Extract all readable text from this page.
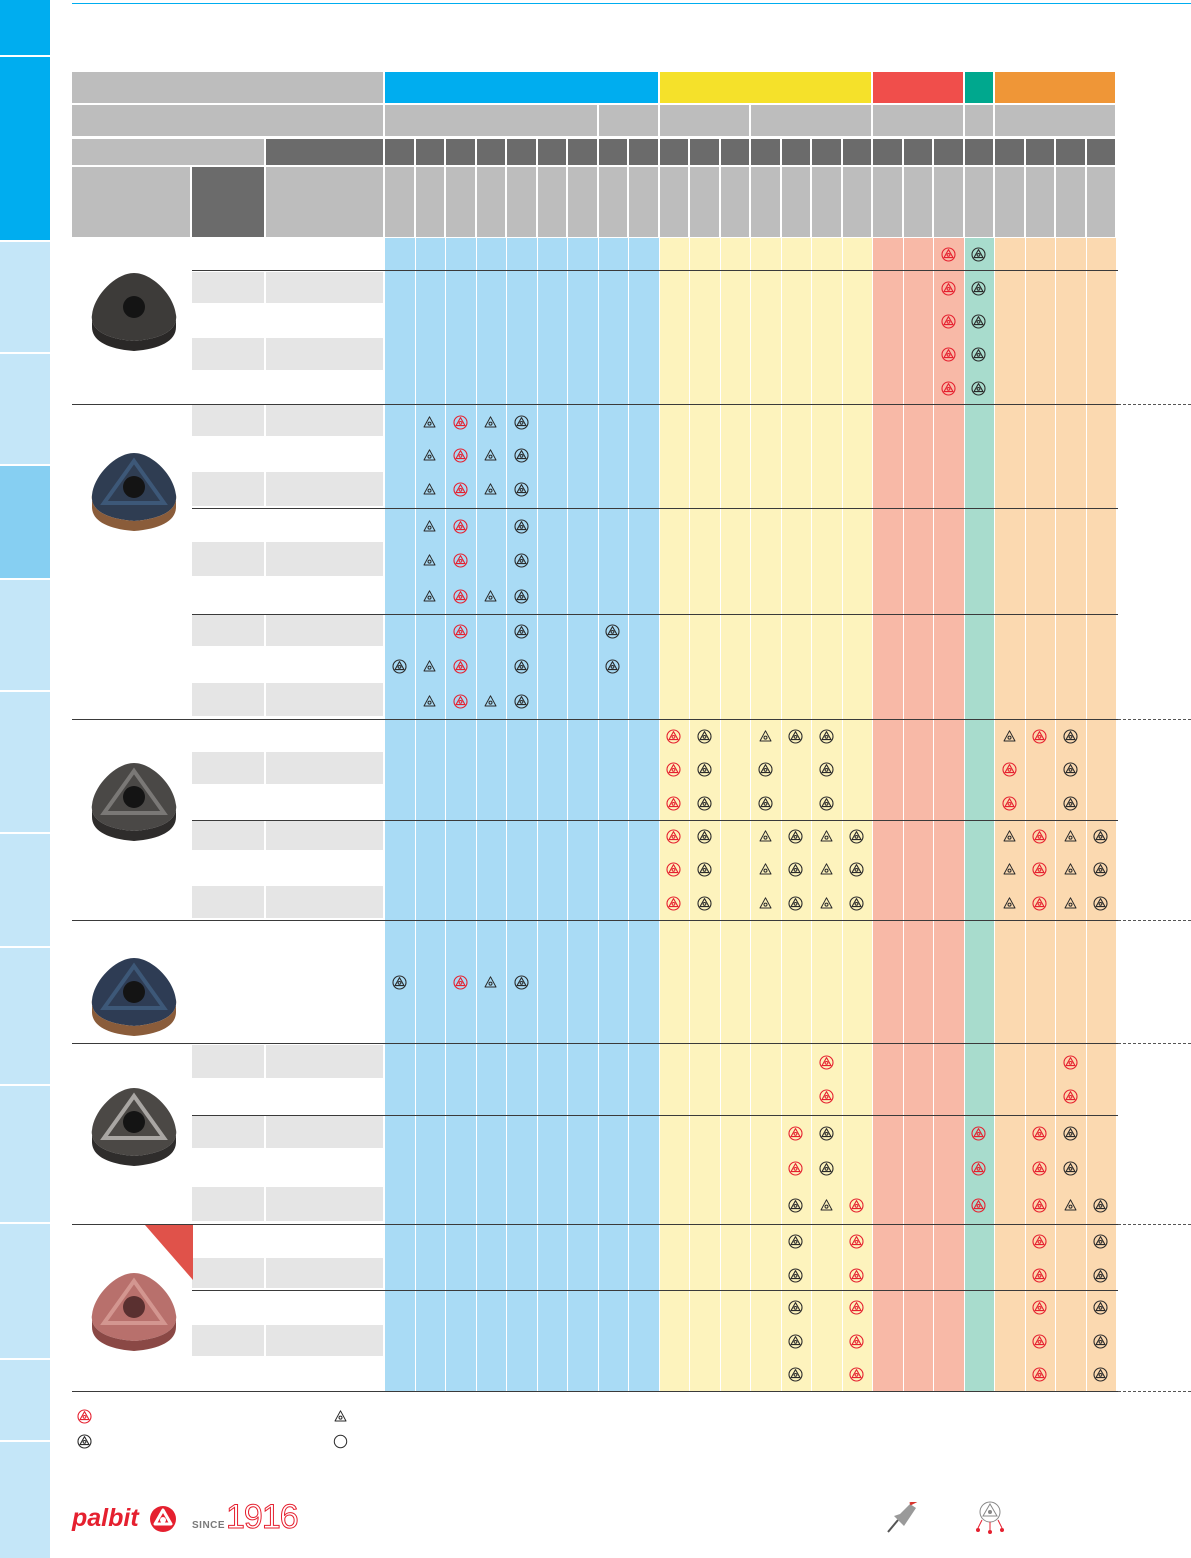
palbit	SINCE 1916
